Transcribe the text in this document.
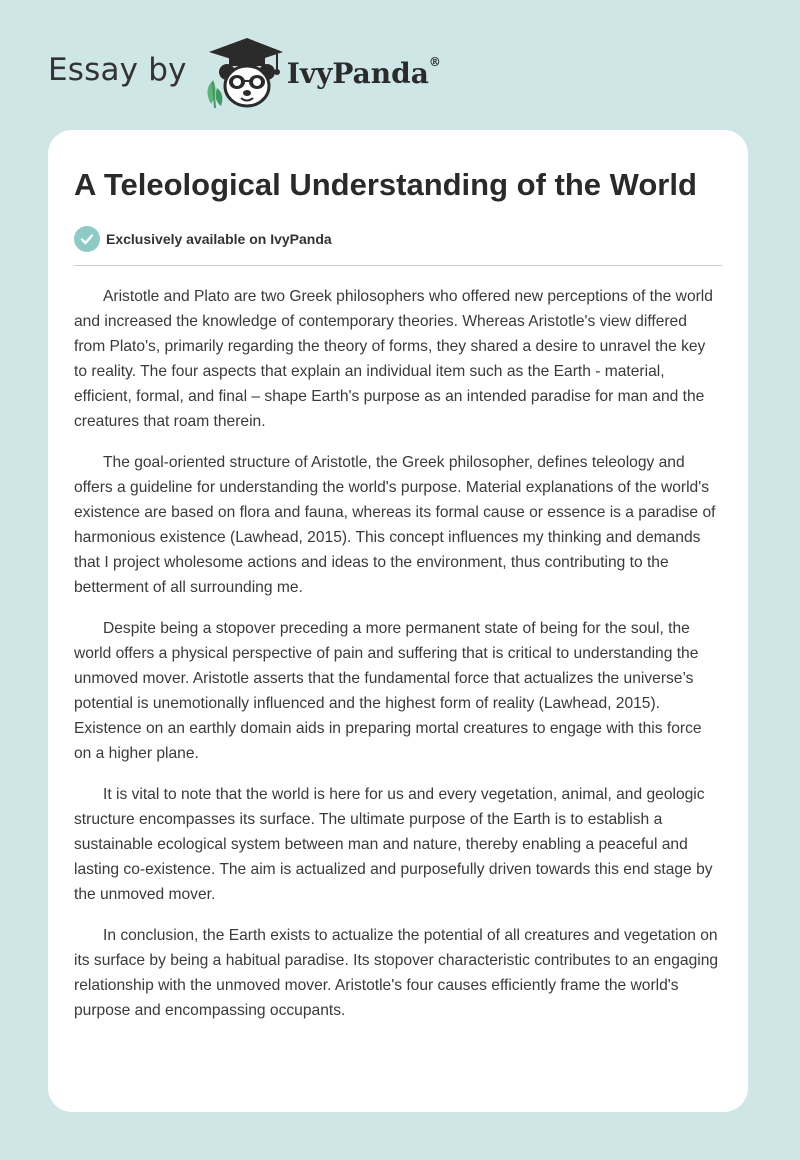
Essay by	IvyPanda®
A Teleological Understanding of the World
Exclusively available on IvyPanda

Aristotle and Plato are two Greek philosophers who offered new perceptions of the world and increased the knowledge of contemporary theories. Whereas Aristotle's view differed from Plato's, primarily regarding the theory of forms, they shared a desire to unravel the key to reality. The four aspects that explain an individual item such as the Earth - material, efficient, formal, and final – shape Earth's purpose as an intended paradise for man and the creatures that roam therein.

The goal-oriented structure of Aristotle, the Greek philosopher, defines teleology and offers a guideline for understanding the world's purpose. Material explanations of the world's existence are based on flora and fauna, whereas its formal cause or essence is a paradise of harmonious existence (Lawhead, 2015). This concept influences my thinking and demands that I project wholesome actions and ideas to the environment, thus contributing to the betterment of all surrounding me.

Despite being a stopover preceding a more permanent state of being for the soul, the world offers a physical perspective of pain and suffering that is critical to understanding the unmoved mover. Aristotle asserts that the fundamental force that actualizes the universe’s potential is unemotionally influenced and the highest form of reality (Lawhead, 2015). Existence on an earthly domain aids in preparing mortal creatures to engage with this force on a higher plane.

It is vital to note that the world is here for us and every vegetation, animal, and geologic structure encompasses its surface. The ultimate purpose of the Earth is to establish a sustainable ecological system between man and nature, thereby enabling a peaceful and lasting co-existence. The aim is actualized and purposefully driven towards this end stage by the unmoved mover.

In conclusion, the Earth exists to actualize the potential of all creatures and vegetation on its surface by being a habitual paradise. Its stopover characteristic contributes to an engaging relationship with the unmoved mover. Aristotle's four causes efficiently frame the world's purpose and encompassing occupants.
